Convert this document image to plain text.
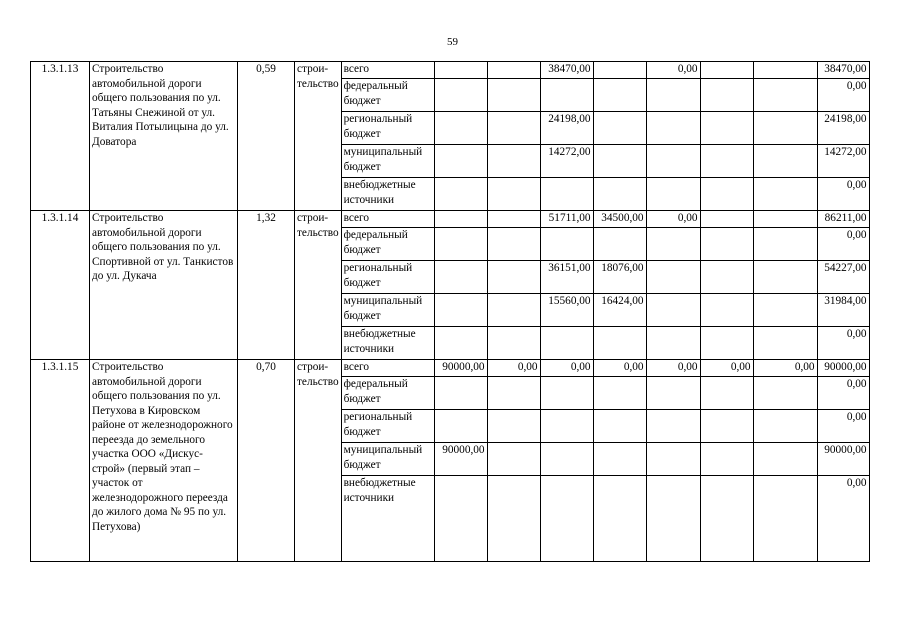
59
1.3.1.13	Строительство автомобильной дороги общего пользования по ул. Татьяны Снежиной от ул. Виталия Потылицына до ул. Доватора	0,59	строи-тельство	всего			38470,00		0,00			38470,00
				федеральный бюджет								0,00
				региональный бюджет			24198,00					24198,00
				муниципальный бюджет			14272,00					14272,00
				внебюджетные источники								0,00
1.3.1.14	Строительство автомобильной дороги общего пользования по ул. Спортивной от ул. Танкистов до ул. Дукача	1,32	строи-тельство	всего			51711,00	34500,00	0,00			86211,00
				федеральный бюджет								0,00
				региональный бюджет			36151,00	18076,00				54227,00
				муниципальный бюджет			15560,00	16424,00				31984,00
				внебюджетные источники								0,00
1.3.1.15	Строительство автомобильной дороги общего пользования по ул. Петухова в Кировском районе от железнодорожного переезда до земельного участка ООО «Дискус-строй» (первый этап – участок от железнодорожного переезда до жилого дома № 95 по ул. Петухова)	0,70	строи-тельство	всего	90000,00	0,00	0,00	0,00	0,00	0,00	0,00	90000,00
				федеральный бюджет								0,00
				региональный бюджет								0,00
				муниципальный бюджет	90000,00							90000,00
				внебюджетные источники								0,00
